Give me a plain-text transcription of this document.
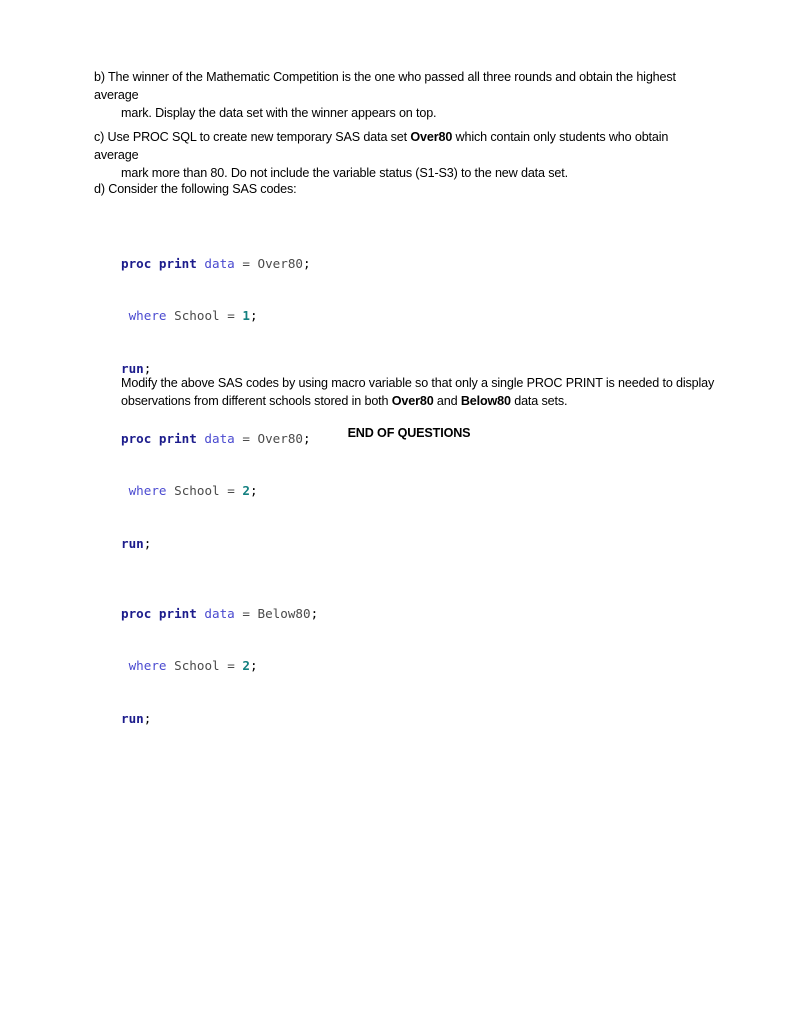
b) The winner of the Mathematic Competition is the one who passed all three rounds and obtain the highest average
mark. Display the data set with the winner appears on top.
c) Use PROC SQL to create new temporary SAS data set Over80 which contain only students who obtain average
mark more than 80. Do not include the variable status (S1-S3) to the new data set.
d) Consider the following SAS codes:

proc print data = Over80;

where School = 1;

run;

proc print data = Over80;

where School = 2;

run;

proc print data = Below80;

where School = 2;

run;

Modify the above SAS codes by using macro variable so that only a single PROC PRINT is needed to display observations from different schools stored in both Over80 and Below80 data sets.
END OF QUESTIONS
